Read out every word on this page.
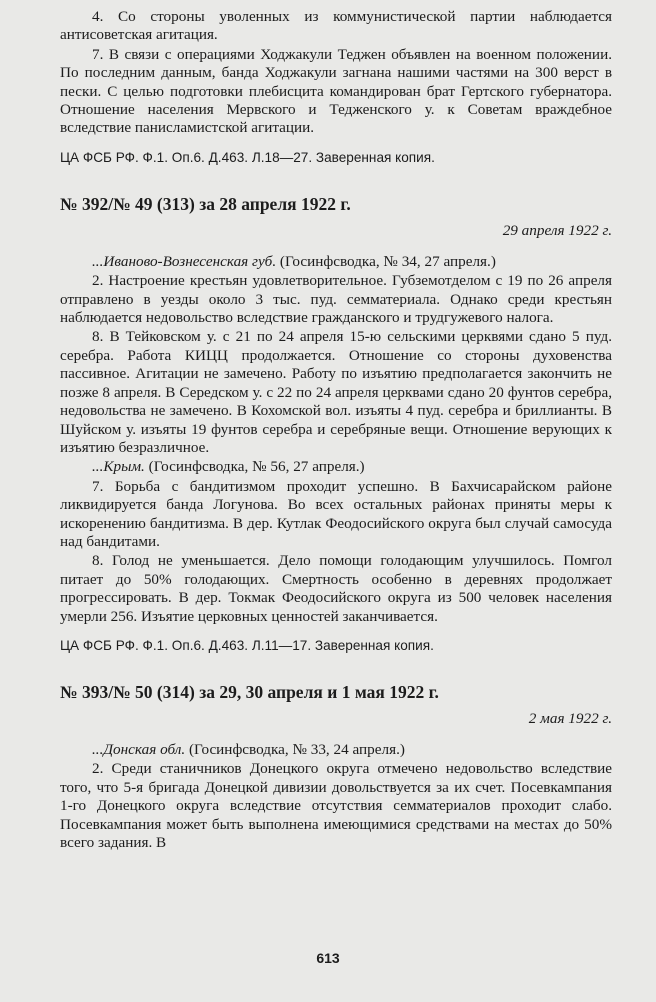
4. Со стороны уволенных из коммунистической партии наблюдается антисоветская агитация.

7. В связи с операциями Ходжакули Теджен объявлен на военном положении. По последним данным, банда Ходжакули загнана нашими частями на 300 верст в пески. С целью подготовки плебисцита командирован брат Гертского губернатора. Отношение населения Мервского и Тедженского у. к Советам враждебное вследствие панисламистской агитации.

ЦА ФСБ РФ. Ф.1. Оп.6. Д.463. Л.18—27. Заверенная копия.

№ 392/№ 49 (313) за 28 апреля 1922 г.

29 апреля 1922 г.

...Иваново-Вознесенская губ. (Госинфсводка, № 34, 27 апреля.)

2. Настроение крестьян удовлетворительное. Губземотделом с 19 по 26 апреля отправлено в уезды около 3 тыс. пуд. семматериала. Однако среди крестьян наблюдается недовольство вследствие гражданского и трудгужевого налога.

8. В Тейковском у. с 21 по 24 апреля 15-ю сельскими церквями сдано 5 пуд. серебра. Работа КИЦЦ продолжается. Отношение со стороны духовенства пассивное. Агитации не замечено. Работу по изъятию предполагается закончить не позже 8 апреля. В Середском у. с 22 по 24 апреля церквами сдано 20 фунтов серебра, недовольства не замечено. В Кохомской вол. изъяты 4 пуд. серебра и бриллианты. В Шуйском у. изъяты 19 фунтов серебра и серебряные вещи. Отношение верующих к изъятию безразличное.

...Крым. (Госинфсводка, № 56, 27 апреля.)

7. Борьба с бандитизмом проходит успешно. В Бахчисарайском районе ликвидируется банда Логунова. Во всех остальных районах приняты меры к искоренению бандитизма. В дер. Кутлак Феодосийского округа был случай самосуда над бандитами.

8. Голод не уменьшается. Дело помощи голодающим улучшилось. Помгол питает до 50% голодающих. Смертность особенно в деревнях продолжает прогрессировать. В дер. Токмак Феодосийского округа из 500 человек населения умерли 256. Изъятие церковных ценностей заканчивается.

ЦА ФСБ РФ. Ф.1. Оп.6. Д.463. Л.11—17. Заверенная копия.

№ 393/№ 50 (314) за 29, 30 апреля и 1 мая 1922 г.

2 мая 1922 г.

...Донская обл. (Госинфсводка, № 33, 24 апреля.)

2. Среди станичников Донецкого округа отмечено недовольство вследствие того, что 5-я бригада Донецкой дивизии довольствуется за их счет. Посевкампания 1-го Донецкого округа вследствие отсутствия семматериалов проходит слабо. Посевкампания может быть выполнена имеющимися средствами на местах до 50% всего задания. В

613
